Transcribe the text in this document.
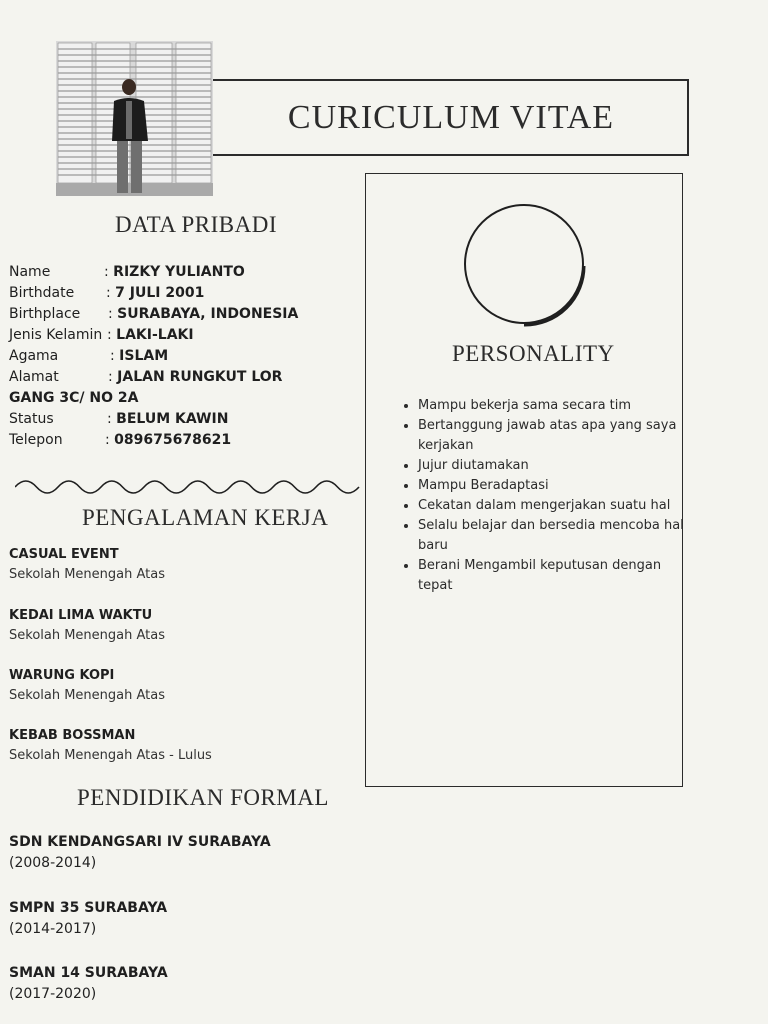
CURICULUM VITAE
DATA PRIBADI
Name	: RIZKY YULIANTO
Birthdate : 7 JULI 2001
Birthplace : SURABAYA, INDONESIA
Jenis Kelamin : LAKI-LAKI
Agama	: ISLAM
Alamat	: JALAN RUNGKUT LOR
GANG 3C/ NO 2A
Status	: BELUM KAWIN
Telepon	: 089675678621
PENGALAMAN KERJA
CASUAL EVENT
Sekolah Menengah Atas
KEDAI LIMA WAKTU
Sekolah Menengah Atas
WARUNG KOPI
Sekolah Menengah Atas
KEBAB BOSSMAN
Sekolah Menengah Atas - Lulus
PENDIDIKAN FORMAL
SDN KENDANGSARI IV SURABAYA
(2008-2014)
SMPN 35 SURABAYA
(2014-2017)
SMAN 14 SURABAYA
(2017-2020)
PERSONALITY
• Mampu bekerja sama secara tim
• Bertanggung jawab atas apa yang saya kerjakan
• Jujur diutamakan
• Mampu Beradaptasi
• Cekatan dalam mengerjakan suatu hal
• Selalu belajar dan bersedia mencoba hal baru
• Berani Mengambil keputusan dengan tepat
